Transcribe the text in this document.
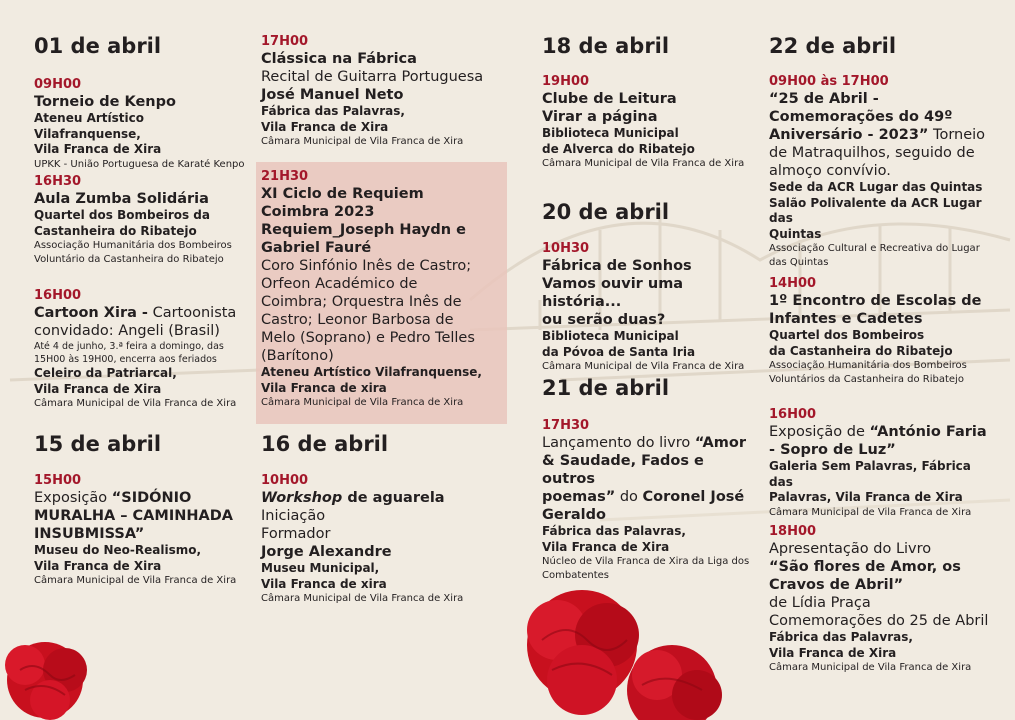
01 de abril
09H00
Torneio de Kenpo
Ateneu Artístico Vilafranquense,
Vila Franca de Xira
UPKK - União Portuguesa de Karaté Kenpo
16H30
Aula Zumba Solidária
Quartel dos Bombeiros da
Castanheira do Ribatejo
Associação Humanitária dos Bombeiros
Voluntário da Castanheira do Ribatejo
16H00
Cartoon Xira - Cartoonista
convidado: Angeli (Brasil)
Até 4 de junho, 3.ª feira a domingo, das
15H00 às 19H00, encerra aos feriados
Celeiro da Patriarcal,
Vila Franca de Xira
Câmara Municipal de Vila Franca de Xira
15 de abril
15H00
Exposição “SIDÓNIO
MURALHA – CAMINHADA
INSUBMISSA”
Museu do Neo-Realismo,
Vila Franca de Xira
Câmara Municipal de Vila Franca de Xira
17H00
Clássica na Fábrica
Recital de Guitarra Portuguesa
José Manuel Neto
Fábrica das Palavras,
Vila Franca de Xira
Câmara Municipal de Vila Franca de Xira
21H30
XI Ciclo de Requiem
Coimbra 2023
Requiem_Joseph Haydn e
Gabriel Fauré
Coro Sinfónio Inês de Castro;
Orfeon Académico de
Coimbra; Orquestra Inês de
Castro; Leonor Barbosa de
Melo (Soprano) e Pedro Telles
(Barítono)
Ateneu Artístico Vilafranquense,
Vila Franca de xira
Câmara Municipal de Vila Franca de Xira
16 de abril
10H00
Workshop de aguarela
Iniciação
Formador
Jorge Alexandre
Museu Municipal,
Vila Franca de xira
Câmara Municipal de Vila Franca de Xira
18 de abril
19H00
Clube de Leitura
Virar a página
Biblioteca Municipal
de Alverca do Ribatejo
Câmara Municipal de Vila Franca de Xira
20 de abril
10H30
Fábrica de Sonhos
Vamos ouvir uma história...
ou serão duas?
Biblioteca Municipal
da Póvoa de Santa Iria
Câmara Municipal de Vila Franca de Xira
21 de abril
17H30
Lançamento do livro “Amor
& Saudade, Fados e outros
poemas” do Coronel José
Geraldo
Fábrica das Palavras,
Vila Franca de Xira
Núcleo de Vila Franca de Xira da Liga dos
Combatentes
22 de abril
09H00 às 17H00
“25 de Abril -
Comemorações do 49º
Aniversário - 2023” Torneio
de Matraquilhos, seguido de
almoço convívio.
Sede da ACR Lugar das Quintas
Salão Polivalente da ACR Lugar das
Quintas
Associação Cultural e Recreativa do Lugar
das Quintas
14H00
1º Encontro de Escolas de
Infantes e Cadetes
Quartel dos Bombeiros
da Castanheira do Ribatejo
Associação Humanitária dos Bombeiros
Voluntários da Castanheira do Ribatejo
16H00
Exposição de “António Faria
- Sopro de Luz”
Galeria Sem Palavras, Fábrica das
Palavras, Vila Franca de Xira
Câmara Municipal de Vila Franca de Xira
18H00
Apresentação do Livro
“São flores de Amor, os
Cravos de Abril”
de Lídia Praça
Comemorações do 25 de Abril
Fábrica das Palavras,
Vila Franca de Xira
Câmara Municipal de Vila Franca de Xira
